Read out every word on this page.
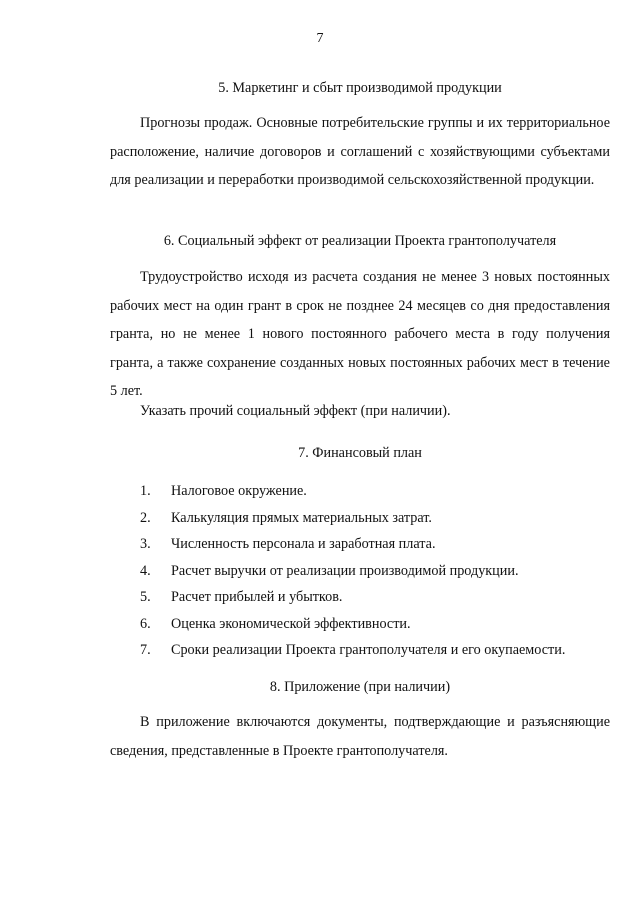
7
5. Маркетинг и сбыт производимой продукции

Прогнозы продаж. Основные потребительские группы и их территориальное расположение, наличие договоров и соглашений с хозяйствующими субъектами для реализации и переработки производимой сельскохозяйственной продукции.

6. Социальный эффект от реализации Проекта грантополучателя

Трудоустройство исходя из расчета создания не менее 3 новых постоянных рабочих мест на один грант в срок не позднее 24 месяцев со дня предоставления гранта, но не менее 1 нового постоянного рабочего места в году получения гранта, а также сохранение созданных новых постоянных рабочих мест в течение 5 лет.

Указать прочий социальный эффект (при наличии).

7. Финансовый план
1.	Налоговое окружение.
2.	Калькуляция прямых материальных затрат.
3.	Численность персонала и заработная плата.
4.	Расчет выручки от реализации производимой продукции.
5.	Расчет прибылей и убытков.
6.	Оценка экономической эффективности.
7.	Сроки реализации Проекта грантополучателя и его окупаемости.
8. Приложение (при наличии)

В приложение включаются документы, подтверждающие и разъясняющие сведения, представленные в Проекте грантополучателя.
